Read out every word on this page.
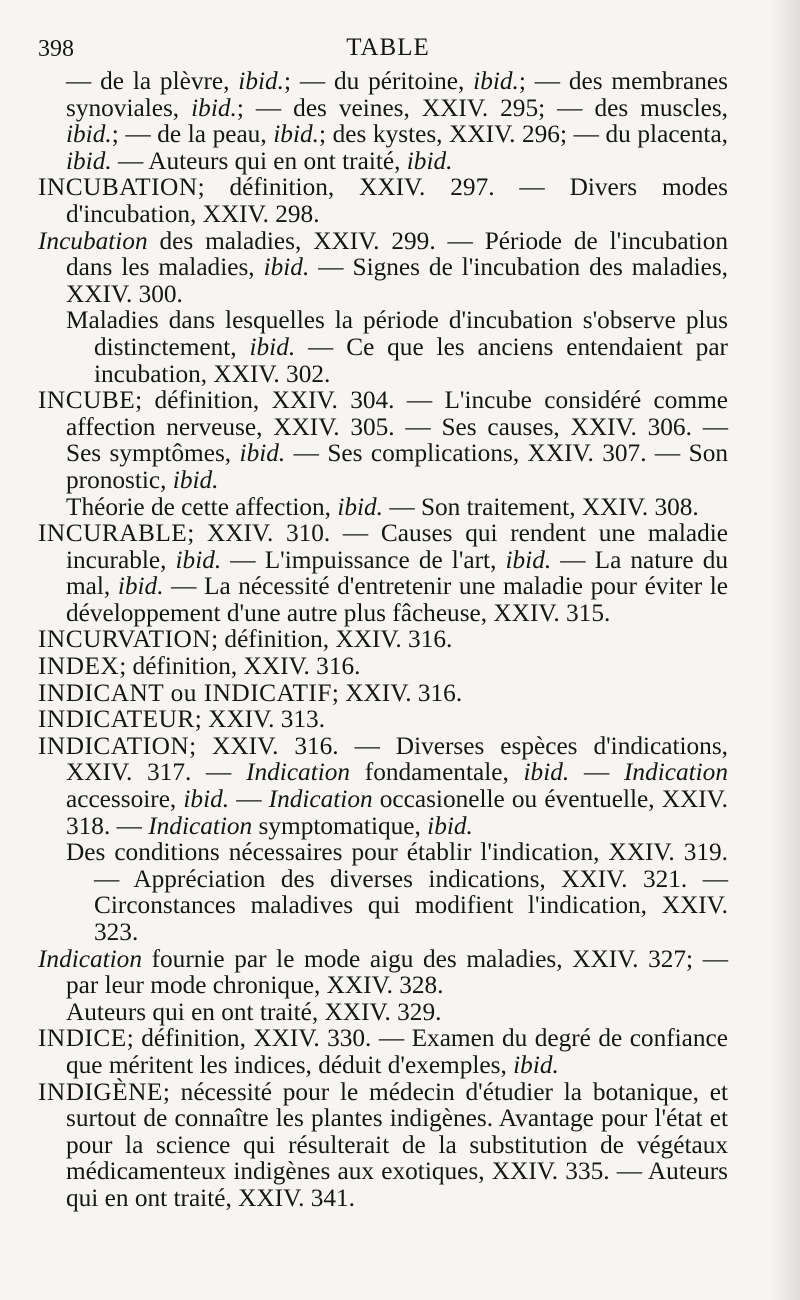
398	TABLE

— de la plèvre, ibid.; — du péritoine, ibid.; — des membranes synoviales, ibid.; — des veines, XXIV. 295; — des muscles, ibid.; — de la peau, ibid.; des kystes, XXIV. 296; — du placenta, ibid. — Auteurs qui en ont traité, ibid.

INCUBATION; définition, XXIV. 297. — Divers modes d'incubation, XXIV. 298.

Incubation des maladies, XXIV. 299. — Période de l'incubation dans les maladies, ibid. — Signes de l'incubation des maladies, XXIV. 300.

Maladies dans lesquelles la période d'incubation s'observe plus distinctement, ibid. — Ce que les anciens entendaient par incubation, XXIV. 302.

INCUBE; définition, XXIV. 304. — L'incube considéré comme affection nerveuse, XXIV. 305. — Ses causes, XXIV. 306. — Ses symptômes, ibid. — Ses complications, XXIV. 307. — Son pronostic, ibid.

Théorie de cette affection, ibid. — Son traitement, XXIV. 308.

INCURABLE; XXIV. 310. — Causes qui rendent une maladie incurable, ibid. — L'impuissance de l'art, ibid. — La nature du mal, ibid. — La nécessité d'entretenir une maladie pour éviter le développement d'une autre plus fâcheuse, XXIV. 315.

INCURVATION; définition, XXIV. 316.

INDEX; définition, XXIV. 316.

INDICANT ou INDICATIF; XXIV. 316.

INDICATEUR; XXIV. 313.

INDICATION; XXIV. 316. — Diverses espèces d'indications, XXIV. 317. — Indication fondamentale, ibid. — Indication accessoire, ibid. — Indication occasionelle ou éventuelle, XXIV. 318. — Indication symptomatique, ibid.

Des conditions nécessaires pour établir l'indication, XXIV. 319. — Appréciation des diverses indications, XXIV. 321. — Circonstances maladives qui modifient l'indication, XXIV. 323.

Indication fournie par le mode aigu des maladies, XXIV. 327; — par leur mode chronique, XXIV. 328.

Auteurs qui en ont traité, XXIV. 329.

INDICE; définition, XXIV. 330. — Examen du degré de confiance que méritent les indices, déduit d'exemples, ibid.

INDIGÈNE; nécessité pour le médecin d'étudier la botanique, et surtout de connaître les plantes indigènes. Avantage pour l'état et pour la science qui résulterait de la substitution de végétaux médicamenteux indigènes aux exotiques, XXIV. 335. — Auteurs qui en ont traité, XXIV. 341.
